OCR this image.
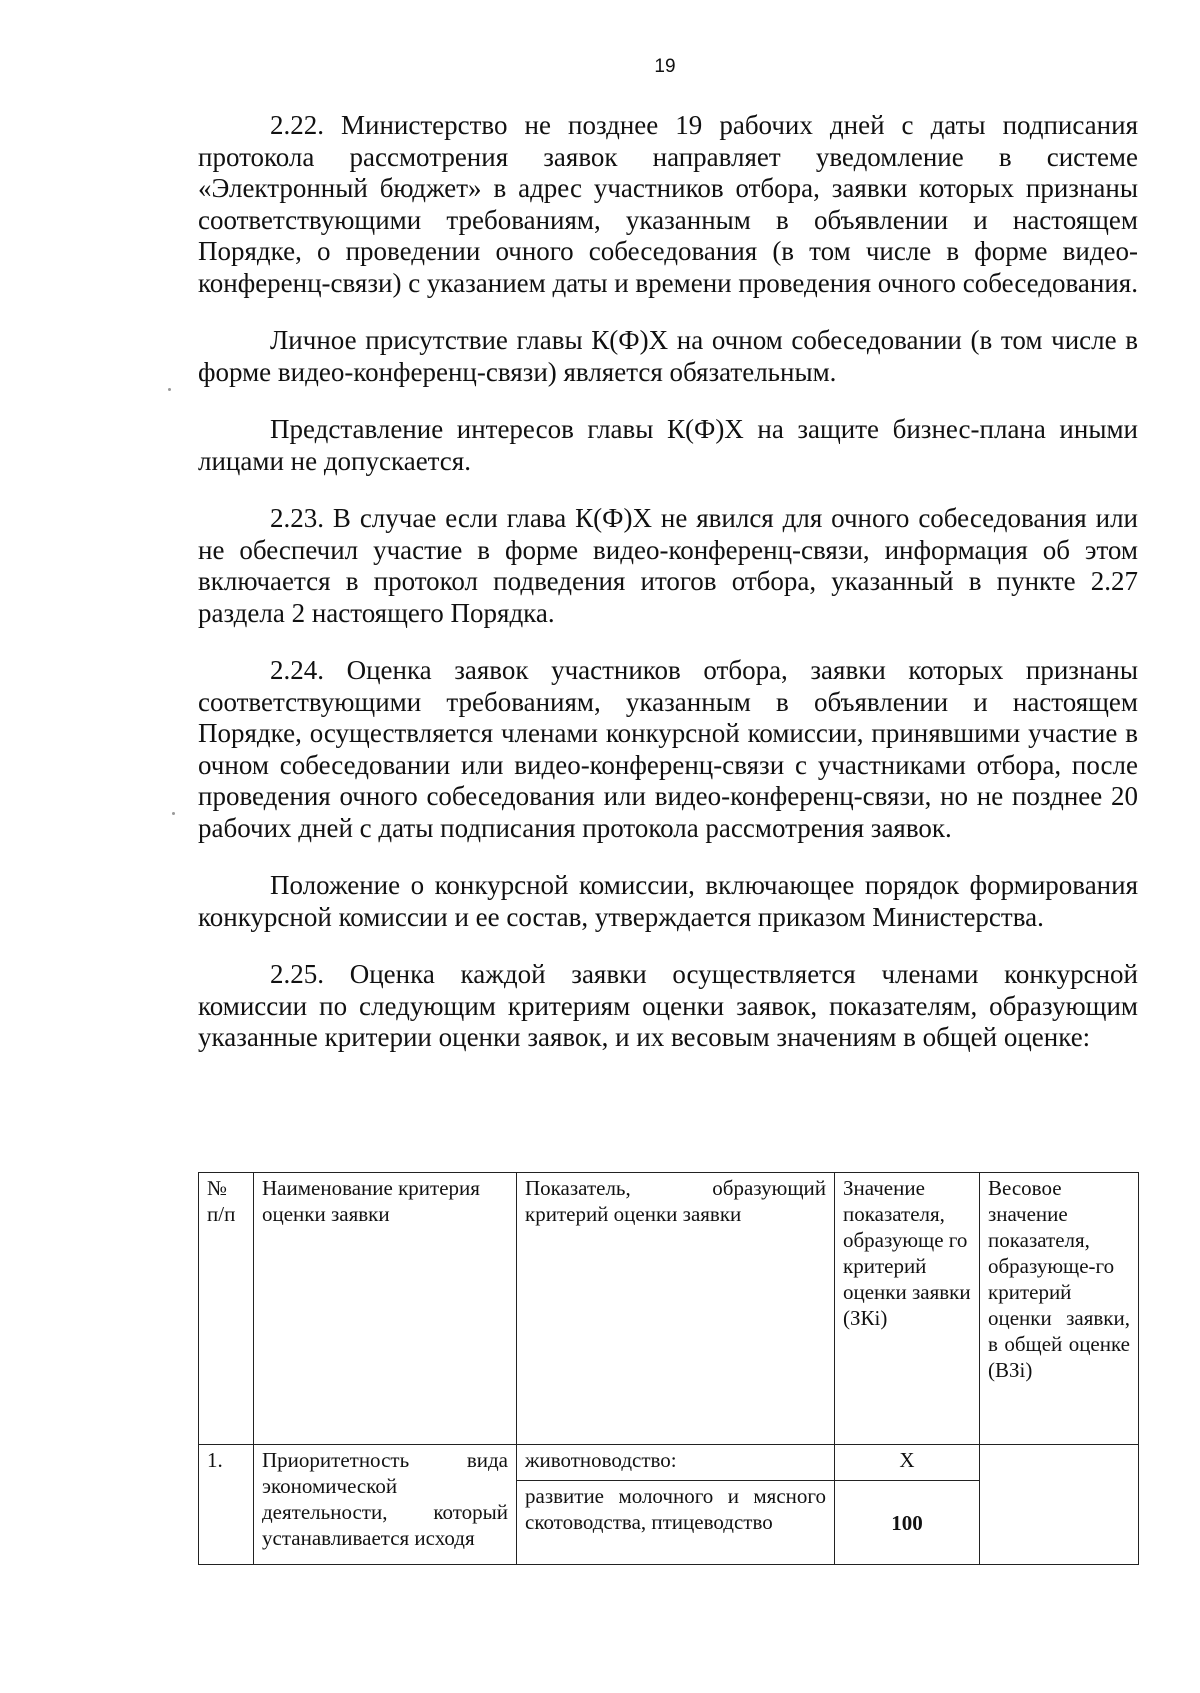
19

2.22. Министерство не позднее 19 рабочих дней с даты подписания протокола рассмотрения заявок направляет уведомление в системе «Электронный бюджет» в адрес участников отбора, заявки которых признаны соответствующими требованиям, указанным в объявлении и настоящем Порядке, о проведении очного собеседования (в том числе в форме видео-конференц-связи) с указанием даты и времени проведения очного собеседования.

Личное присутствие главы К(Ф)Х на очном собеседовании (в том числе в форме видео-конференц-связи) является обязательным.

Представление интересов главы К(Ф)Х на защите бизнес-плана иными лицами не допускается.

2.23. В случае если глава К(Ф)Х не явился для очного собеседования или не обеспечил участие в форме видео-конференц-связи, информация об этом включается в протокол подведения итогов отбора, указанный в пункте 2.27 раздела 2 настоящего Порядка.

2.24. Оценка заявок участников отбора, заявки которых признаны соответствующими требованиям, указанным в объявлении и настоящем Порядке, осуществляется членами конкурсной комиссии, принявшими участие в очном собеседовании или видео-конференц-связи с участниками отбора, после проведения очного собеседования или видео-конференц-связи, но не позднее 20 рабочих дней с даты подписания протокола рассмотрения заявок.

Положение о конкурсной комиссии, включающее порядок формирования конкурсной комиссии и ее состав, утверждается приказом Министерства.

2.25. Оценка каждой заявки осуществляется членами конкурсной комиссии по следующим критериям оценки заявок, показателям, образующим указанные критерии оценки заявок, и их весовым значениям в общей оценке:

№ п/п	Наименование критерия оценки заявки	Показатель, образующий критерий оценки заявки	Значение показателя, образующе го критерий оценки заявки (ЗКi)	Весовое значение показателя, образующе-го критерий оценки заявки, в общей оценке (ВЗi)
1.	Приоритетность вида экономической деятельности, который устанавливается исходя	животноводство:	Х	
		развитие молочного и мясного скотоводства, птицеводство	100	
